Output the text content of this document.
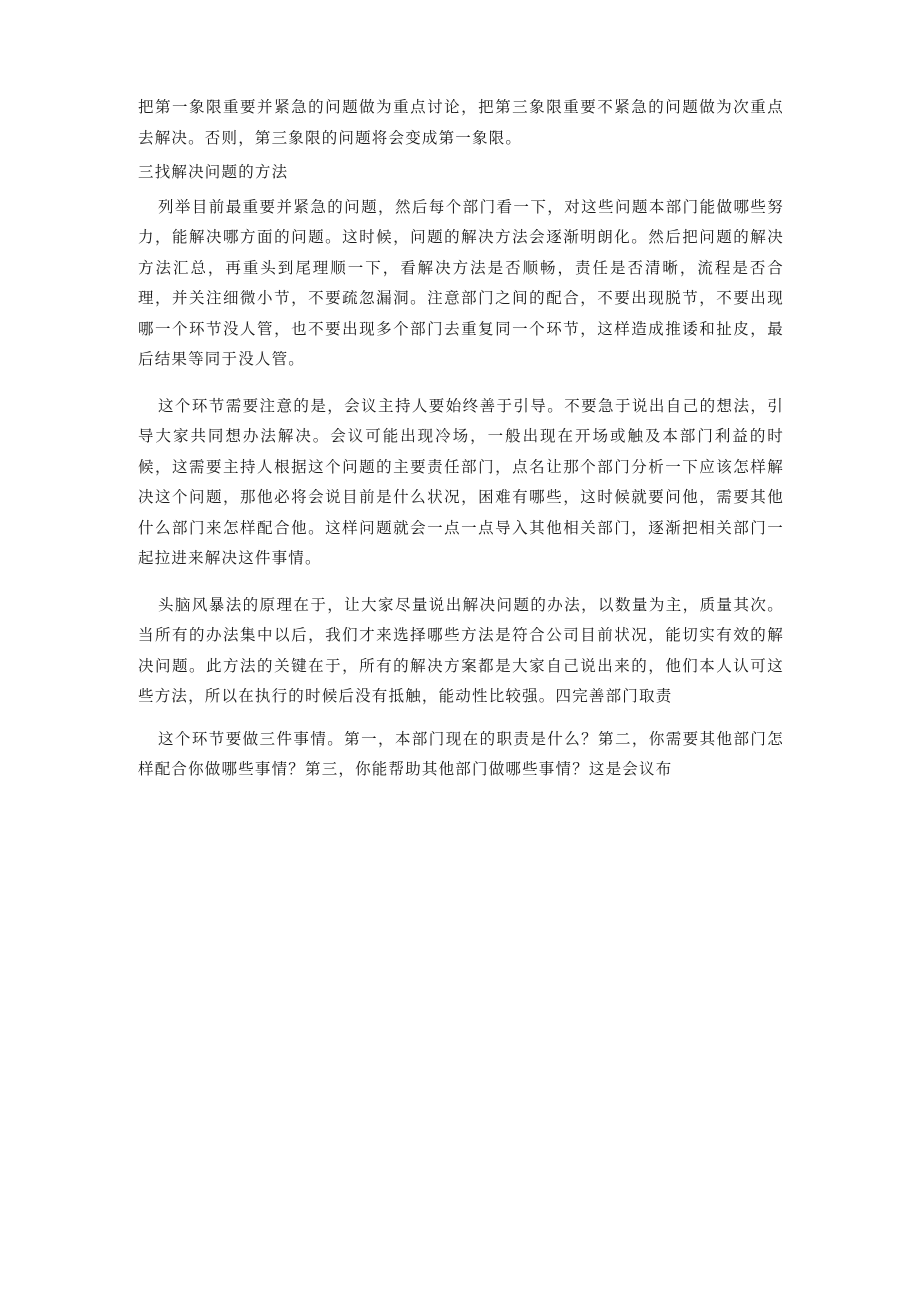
把第一象限重要并紧急的问题做为重点讨论，把第三象限重要不紧急的问题做为次重点去解决。否则，第三象限的问题将会变成第一象限。

三找解决问题的方法

列举目前最重要并紧急的问题，然后每个部门看一下，对这些问题本部门能做哪些努力，能解决哪方面的问题。这时候，问题的解决方法会逐渐明朗化。然后把问题的解决方法汇总，再重头到尾理顺一下，看解决方法是否顺畅，责任是否清晰，流程是否合理，并关注细微小节，不要疏忽漏洞。注意部门之间的配合，不要出现脱节，不要出现哪一个环节没人管，也不要出现多个部门去重复同一个环节，这样造成推诿和扯皮，最后结果等同于没人管。

这个环节需要注意的是，会议主持人要始终善于引导。不要急于说出自己的想法，引导大家共同想办法解决。会议可能出现冷场，一般出现在开场或触及本部门利益的时候，这需要主持人根据这个问题的主要责任部门，点名让那个部门分析一下应该怎样解决这个问题，那他必将会说目前是什么状况，困难有哪些，这时候就要问他，需要其他什么部门来怎样配合他。这样问题就会一点一点导入其他相关部门，逐渐把相关部门一起拉进来解决这件事情。

头脑风暴法的原理在于，让大家尽量说出解决问题的办法，以数量为主，质量其次。当所有的办法集中以后，我们才来选择哪些方法是符合公司目前状况，能切实有效的解决问题。此方法的关键在于，所有的解决方案都是大家自己说出来的，他们本人认可这些方法，所以在执行的时候后没有抵触，能动性比较强。四完善部门取责

这个环节要做三件事情。第一，本部门现在的职责是什么？第二，你需要其他部门怎样配合你做哪些事情？第三，你能帮助其他部门做哪些事情？这是会议布
